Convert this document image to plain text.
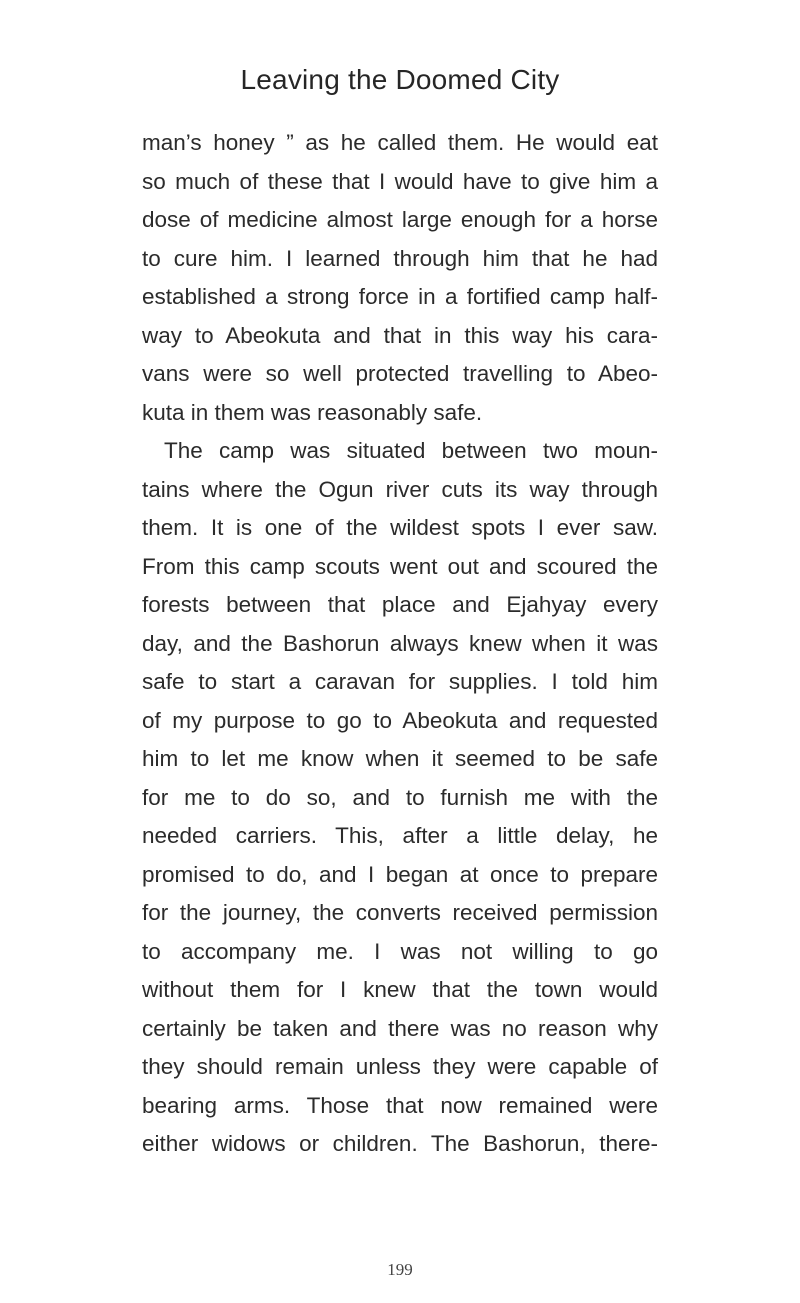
Leaving the Doomed City
man’s honey ” as he called them. He would eat
so much of these that I would have to give him a
dose of medicine almost large enough for a horse
to cure him. I learned through him that he had
established a strong force in a fortified camp half-
way to Abeokuta and that in this way his cara-
vans were so well protected travelling to Abeo-
kuta in them was reasonably safe.
The camp was situated between two moun-
tains where the Ogun river cuts its way through
them. It is one of the wildest spots I ever saw.
From this camp scouts went out and scoured the
forests between that place and Ejahyay every
day, and the Bashorun always knew when it was
safe to start a caravan for supplies. I told him
of my purpose to go to Abeokuta and requested
him to let me know when it seemed to be safe
for me to do so, and to furnish me with the
needed carriers. This, after a little delay, he
promised to do, and I began at once to prepare
for the journey, the converts received permission
to accompany me. I was not willing to go
without them for I knew that the town would
certainly be taken and there was no reason why
they should remain unless they were capable of
bearing arms. Those that now remained were
either widows or children. The Bashorun, there-
199
